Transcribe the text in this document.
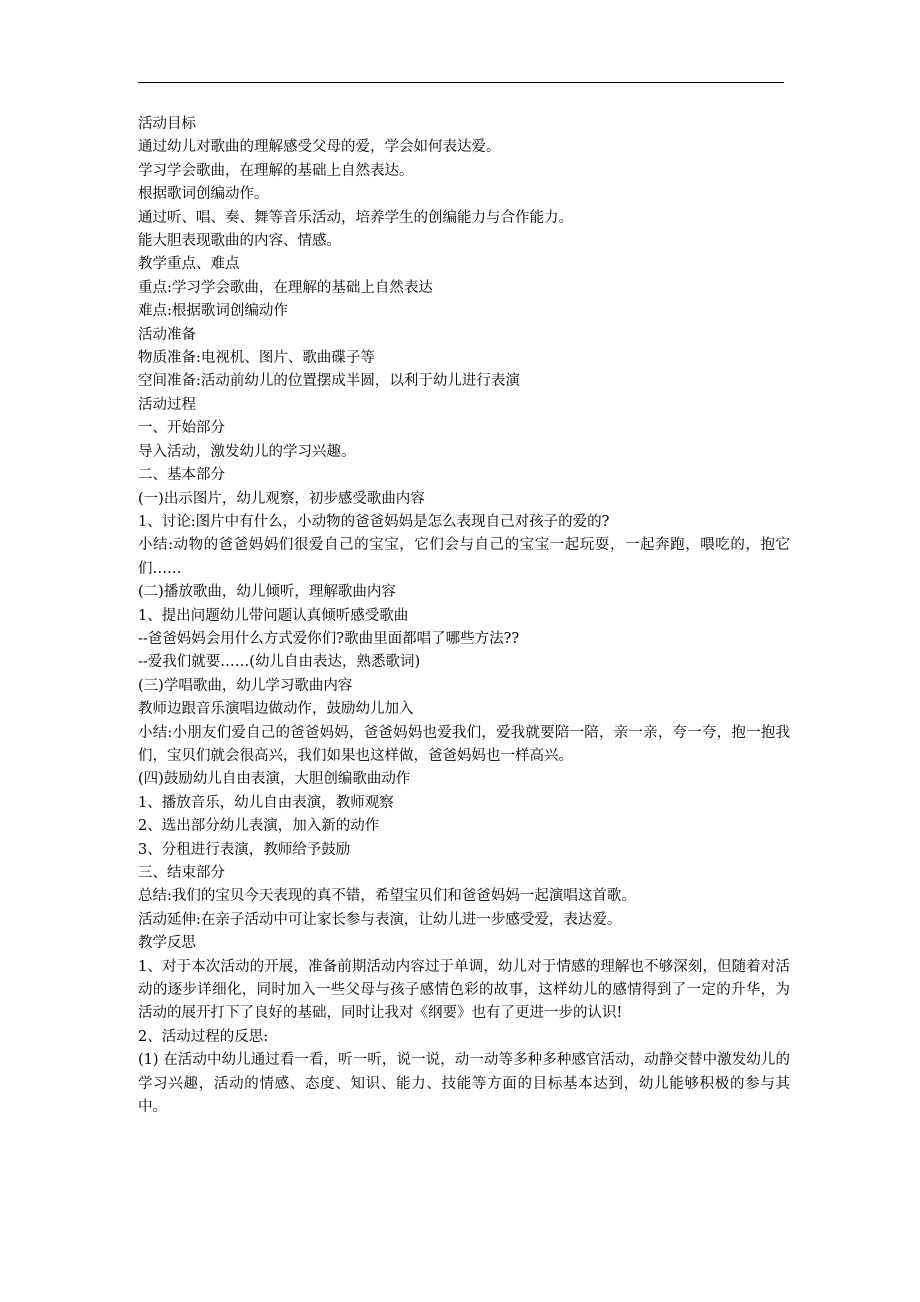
活动目标

通过幼儿对歌曲的理解感受父母的爱，学会如何表达爱。

学习学会歌曲，在理解的基础上自然表达。

根据歌词创编动作。

通过听、唱、奏、舞等音乐活动，培养学生的创编能力与合作能力。

能大胆表现歌曲的内容、情感。

教学重点、难点

重点:学习学会歌曲，在理解的基础上自然表达

难点:根据歌词创编动作

活动准备

物质准备:电视机、图片、歌曲碟子等

空间准备:活动前幼儿的位置摆成半圆，以利于幼儿进行表演

活动过程

一、开始部分

导入活动，激发幼儿的学习兴趣。

二、基本部分

(一)出示图片，幼儿观察，初步感受歌曲内容

1、讨论:图片中有什么，小动物的爸爸妈妈是怎么表现自己对孩子的爱的?

小结:动物的爸爸妈妈们很爱自己的宝宝，它们会与自己的宝宝一起玩耍，一起奔跑，喂吃的，抱它们……

(二)播放歌曲，幼儿倾听，理解歌曲内容

1、提出问题幼儿带问题认真倾听感受歌曲

--爸爸妈妈会用什么方式爱你们?歌曲里面都唱了哪些方法??

--爱我们就要……(幼儿自由表达，熟悉歌词)

(三)学唱歌曲，幼儿学习歌曲内容

教师边跟音乐演唱边做动作，鼓励幼儿加入

小结:小朋友们爱自己的爸爸妈妈，爸爸妈妈也爱我们，爱我就要陪一陪，亲一亲，夸一夸，抱一抱我们，宝贝们就会很高兴，我们如果也这样做，爸爸妈妈也一样高兴。

(四)鼓励幼儿自由表演，大胆创编歌曲动作

1、播放音乐，幼儿自由表演，教师观察

2、选出部分幼儿表演，加入新的动作

3、分租进行表演，教师给予鼓励

三、结束部分

总结:我们的宝贝今天表现的真不错，希望宝贝们和爸爸妈妈一起演唱这首歌。

活动延伸:在亲子活动中可让家长参与表演，让幼儿进一步感受爱，表达爱。

教学反思

1、对于本次活动的开展，准备前期活动内容过于单调，幼儿对于情感的理解也不够深刻，但随着对活动的逐步详细化，同时加入一些父母与孩子感情色彩的故事，这样幼儿的感情得到了一定的升华，为活动的展开打下了良好的基础，同时让我对《纲要》也有了更进一步的认识!

2、活动过程的反思:

(1) 在活动中幼儿通过看一看，听一听，说一说，动一动等多种多种感官活动，动静交替中激发幼儿的学习兴趣，活动的情感、态度、知识、能力、技能等方面的目标基本达到，幼儿能够积极的参与其中。
